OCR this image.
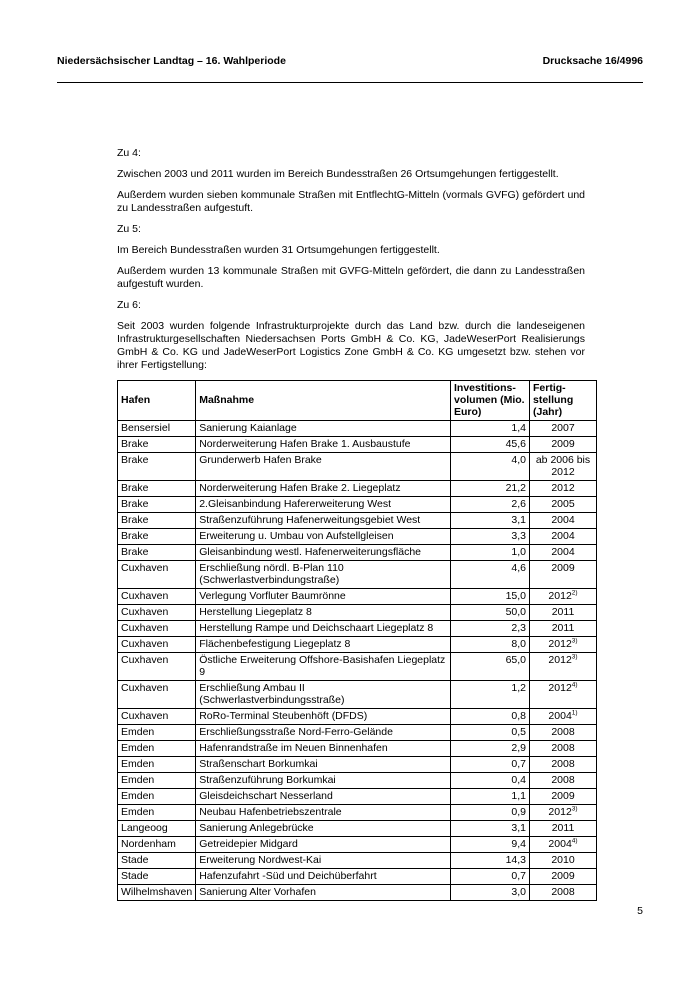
Niedersächsischer Landtag – 16. Wahlperiode	Drucksache 16/4996

Zu 4:

Zwischen 2003 und 2011 wurden im Bereich Bundesstraßen 26 Ortsumgehungen fertiggestellt.

Außerdem wurden sieben kommunale Straßen mit EntflechtG-Mitteln (vormals GVFG) gefördert und zu Landesstraßen aufgestuft.

Zu 5:

Im Bereich Bundesstraßen wurden 31 Ortsumgehungen fertiggestellt.

Außerdem wurden 13 kommunale Straßen mit GVFG-Mitteln gefördert, die dann zu Landesstraßen aufgestuft wurden.

Zu 6:

Seit 2003 wurden folgende Infrastrukturprojekte durch das Land bzw. durch die landeseigenen Infrastrukturgesellschaften Niedersachsen Ports GmbH & Co. KG, JadeWeserPort Realisierungs GmbH & Co. KG und JadeWeserPort Logistics Zone GmbH & Co. KG umgesetzt bzw. stehen vor ihrer Fertigstellung:

Hafen	Maßnahme	Investitions-volumen (Mio. Euro)	Fertig-stellung (Jahr)
Bensersiel	Sanierung Kaianlage	1,4	2007
Brake	Norderweiterung Hafen Brake 1. Ausbaustufe	45,6	2009
Brake	Grunderwerb Hafen Brake	4,0	ab 2006 bis 2012
Brake	Norderweiterung Hafen Brake 2. Liegeplatz	21,2	2012
Brake	2.Gleisanbindung Hafererweiterung West	2,6	2005
Brake	Straßenzuführung Hafenerweitungsgebiet West	3,1	2004
Brake	Erweiterung u. Umbau von Aufstellgleisen	3,3	2004
Brake	Gleisanbindung westl. Hafenerweiterungsfläche	1,0	2004
Cuxhaven	Erschließung nördl. B-Plan 110 (Schwerlastverbindungstraße)	4,6	2009
Cuxhaven	Verlegung Vorfluter Baumrönne	15,0	2012$^{2)}$
Cuxhaven	Herstellung Liegeplatz 8	50,0	2011
Cuxhaven	Herstellung Rampe und Deichschaart Liegeplatz 8	2,3	2011
Cuxhaven	Flächenbefestigung Liegeplatz 8	8,0	2012$^{3)}$
Cuxhaven	Östliche Erweiterung Offshore-Basishafen Liegeplatz 9	65,0	2012$^{3)}$
Cuxhaven	Erschließung Ambau II (Schwerlastverbindungsstraße)	1,2	2012$^{4)}$
Cuxhaven	RoRo-Terminal Steubenhöft (DFDS)	0,8	2004$^{1)}$
Emden	Erschließungsstraße Nord-Ferro-Gelände	0,5	2008
Emden	Hafenrandstraße im Neuen Binnenhafen	2,9	2008
Emden	Straßenschart Borkumkai	0,7	2008
Emden	Straßenzuführung Borkumkai	0,4	2008
Emden	Gleisdeichschart Nesserland	1,1	2009
Emden	Neubau Hafenbetriebszentrale	0,9	2012$^{3)}$
Langeoog	Sanierung Anlegebrücke	3,1	2011
Nordenham	Getreidepier Midgard	9,4	2004$^{4)}$
Stade	Erweiterung Nordwest-Kai	14,3	2010
Stade	Hafenzufahrt -Süd und Deichüberfahrt	0,7	2009
Wilhelmshaven	Sanierung Alter Vorhafen	3,0	2008
5
